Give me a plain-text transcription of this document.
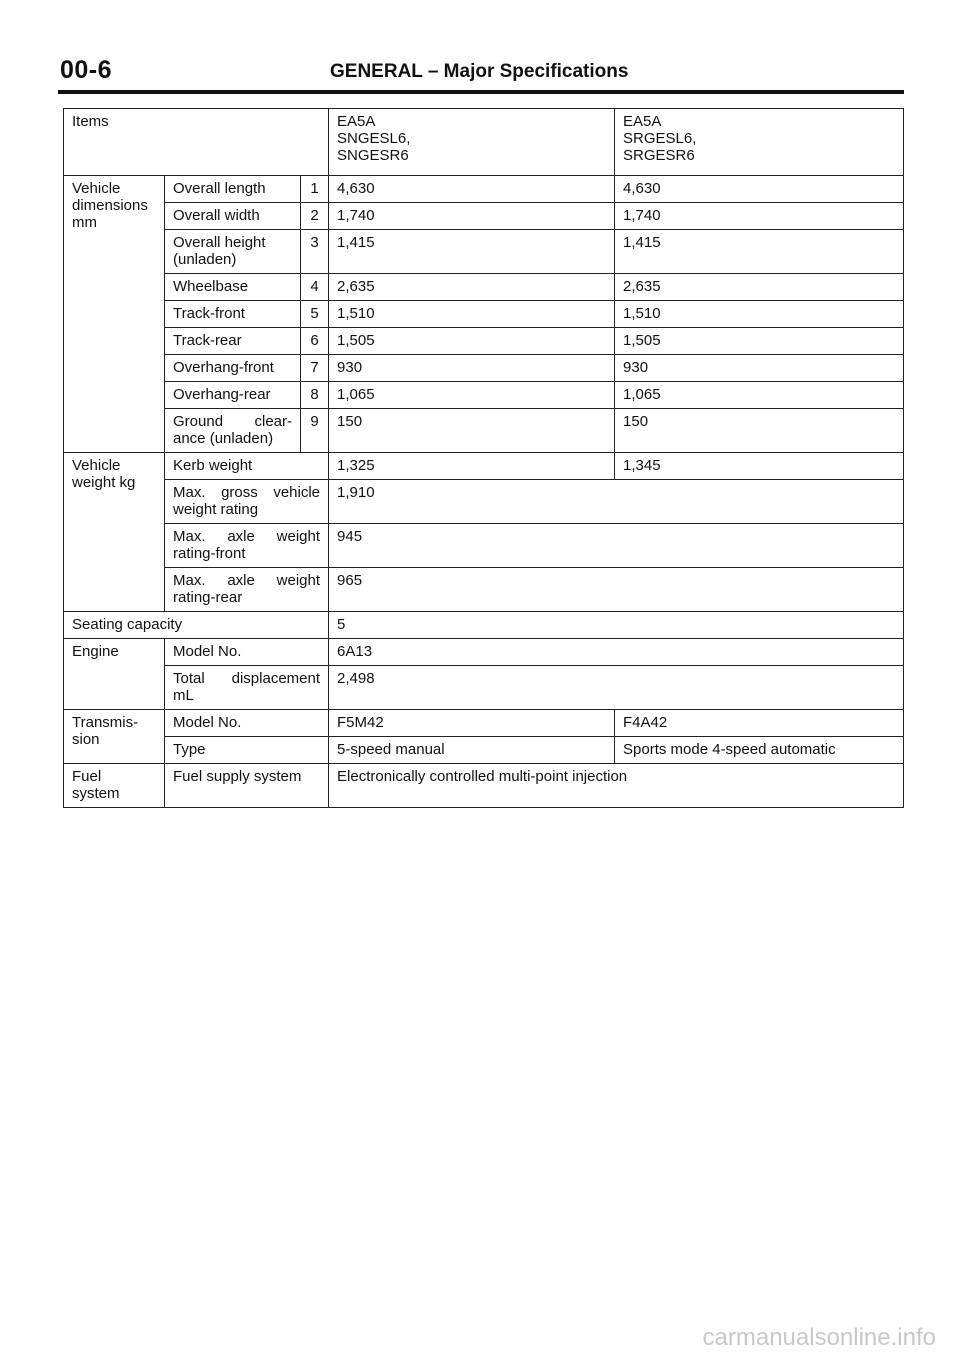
00-6	GENERAL – Major Specifications
Items			EA5A
SNGESL6,
SNGESR6	EA5A
SRGESL6,
SRGESR6
Vehicle
dimensions
mm	Overall length	1	4,630	4,630
	Overall width	2	1,740	1,740
	Overall height
(unladen)	3	1,415	1,415
	Wheelbase	4	2,635	2,635
	Track-front	5	1,510	1,510
	Track-rear	6	1,505	1,505
	Overhang-front	7	930	930
	Overhang-rear	8	1,065	1,065

	Ground clear-
ance (unladen)	9	150	150
Vehicle
weight kg	Kerb weight		1,325	1,345

	Max. gross vehicle
weight rating		1,910	

	Max. axle weight
rating-front		945	

	Max. axle weight
rating-rear		965	
Seating capacity			5	
Engine	Model No.		6A13	

	Total displacement
mL		2,498	
Transmis-
sion	Model No.		F5M42	F4A42
	Type		5-speed manual	Sports mode 4-speed automatic
Fuel
system	Fuel supply system		Electronically controlled multi-point injection	
carmanualsonline.info
